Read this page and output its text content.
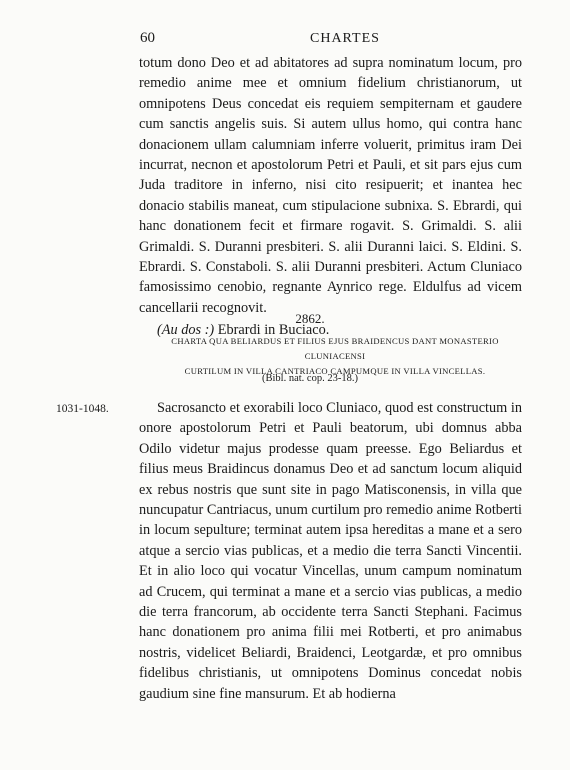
60	CHARTES

totum dono Deo et ad abitatores ad supra nominatum locum, pro remedio anime mee et omnium fidelium christianorum, ut omnipotens Deus concedat eis requiem sempiternam et gaudere cum sanctis angelis suis. Si autem ullus homo, qui contra hanc donacionem ullam calumniam inferre voluerit, primitus iram Dei incurrat, necnon et apostolorum Petri et Pauli, et sit pars ejus cum Juda traditore in inferno, nisi cito resipuerit; et inantea hec donacio stabilis maneat, cum stipulacione subnixa. S. Ebrardi, qui hanc donationem fecit et firmare rogavit. S. Grimaldi. S. alii Grimaldi. S. Duranni presbiteri. S. alii Duranni laici. S. Eldini. S. Ebrardi. S. Constaboli. S. alii Duranni presbiteri. Actum Cluniaco famosissimo cenobio, regnante Aynrico rege. Eldulfus ad vicem cancellarii recognovit.

(Au dos :) Ebrardi in Buciaco.

2862.
CHARTA QUA BELIARDUS ET FILIUS EJUS BRAIDENCUS DANT MONASTERIO CLUNIACENSI
CURTILUM IN VILLA CANTRIACO CAMPUMQUE IN VILLA VINCELLAS.
(Bibl. nat. cop. 23-18.)
1031-1048.	Sacrosancto et exorabili loco Cluniaco, quod est constructum in onore apostolorum Petri et Pauli beatorum, ubi domnus abba Odilo videtur majus prodesse quam preesse. Ego Beliardus et filius meus Braidincus donamus Deo et ad sanctum locum aliquid ex rebus nostris que sunt site in pago Matisconensis, in villa que nuncupatur Cantriacus, unum curtilum pro remedio anime Rotberti in locum sepulture; terminat autem ipsa hereditas a mane et a sero atque a sercio vias publicas, et a medio die terra Sancti Vincentii. Et in alio loco qui vocatur Vincellas, unum campum nominatum ad Crucem, qui terminat a mane et a sercio vias publicas, a medio die terra francorum, ab occidente terra Sancti Stephani. Facimus hanc donationem pro anima filii mei Rotberti, et pro animabus nostris, videlicet Beliardi, Braidenci, Leotgardæ, et pro omnibus fidelibus christianis, ut omnipotens Dominus concedat nobis gaudium sine fine mansurum. Et ab hodierna
